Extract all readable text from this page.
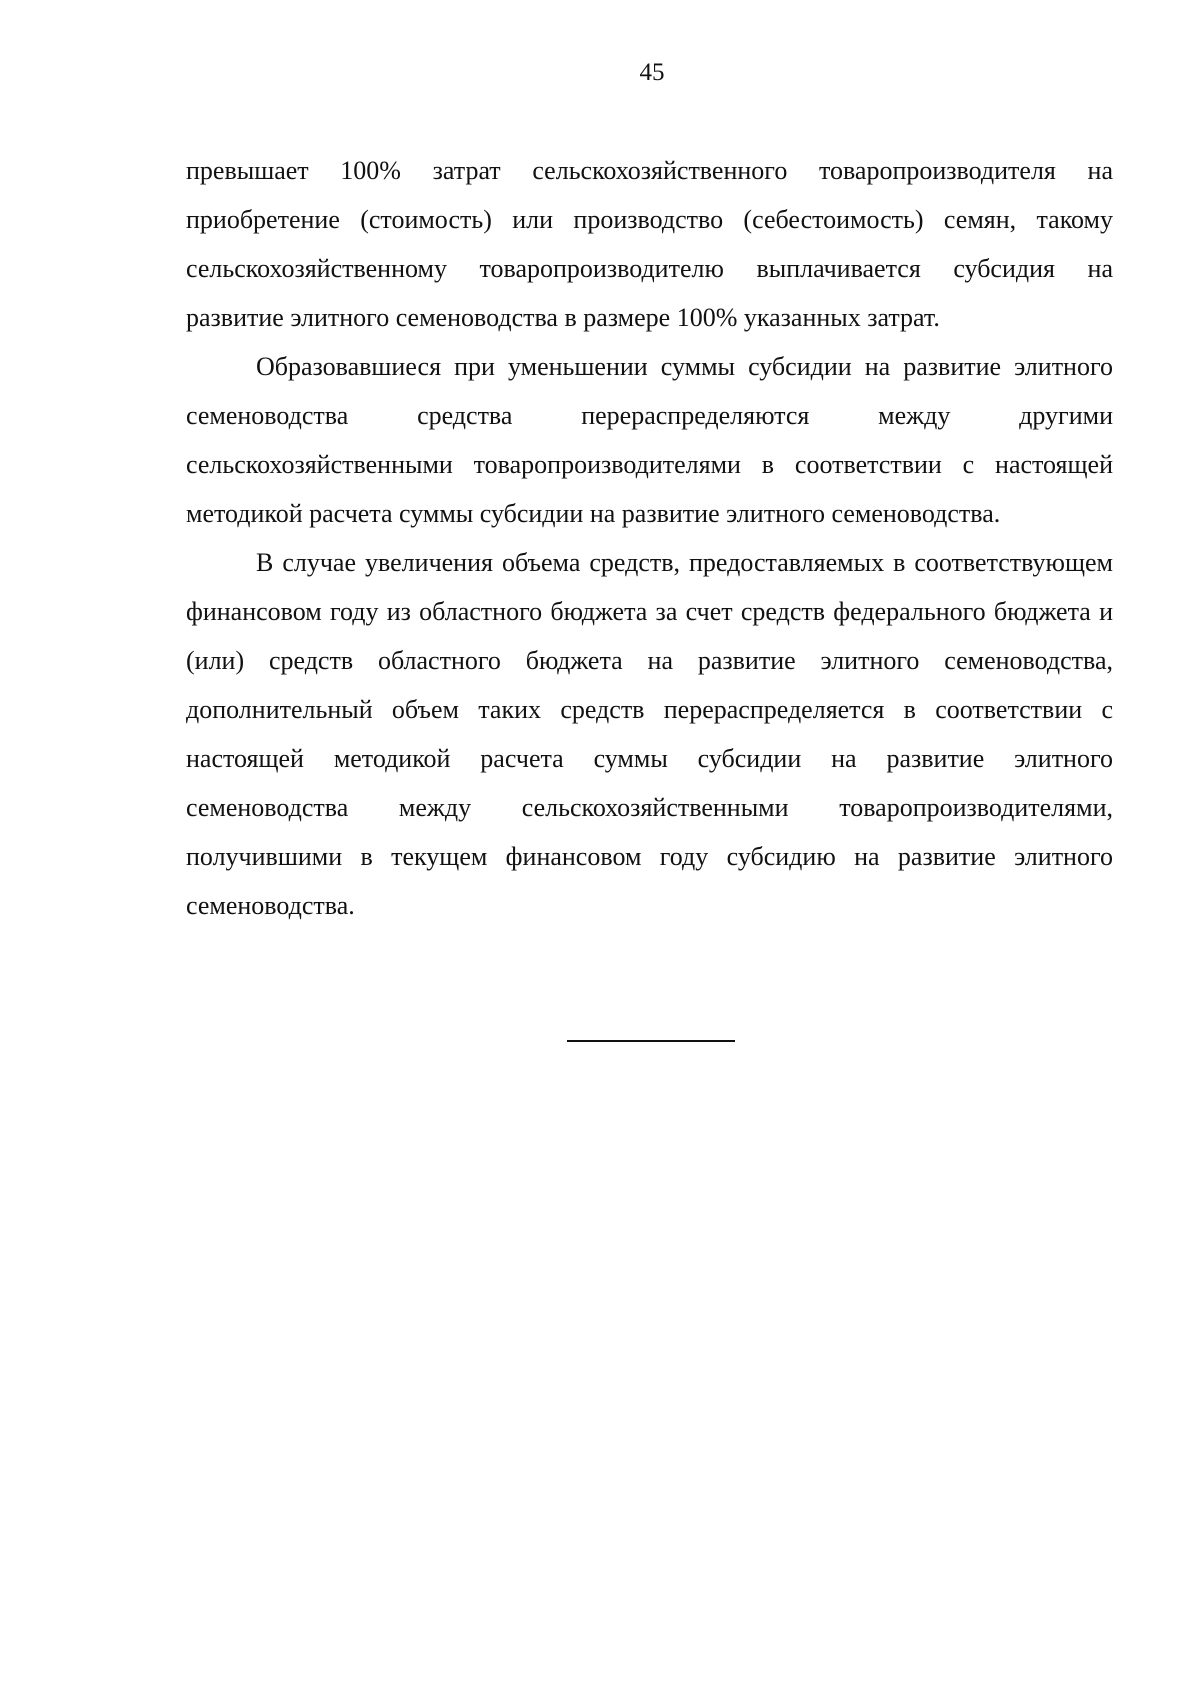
45

превышает 100% затрат сельскохозяйственного товаропроизводителя на приобретение (стоимость) или производство (себестоимость) семян, такому сельскохозяйственному товаропроизводителю выплачивается субсидия на развитие элитного семеноводства в размере 100% указанных затрат.

Образовавшиеся при уменьшении суммы субсидии на развитие элитного семеноводства средства перераспределяются между другими сельскохозяйственными товаропроизводителями в соответствии с настоящей методикой расчета суммы субсидии на развитие элитного семеноводства.

В случае увеличения объема средств, предоставляемых в соответствующем финансовом году из областного бюджета за счет средств федерального бюджета и (или) средств областного бюджета на развитие элитного семеноводства, дополнительный объем таких средств перераспределяется в соответствии с настоящей методикой расчета суммы субсидии на развитие элитного семеноводства между сельскохозяйственными товаропроизводителями, получившими в текущем финансовом году субсидию на развитие элитного семеноводства.
